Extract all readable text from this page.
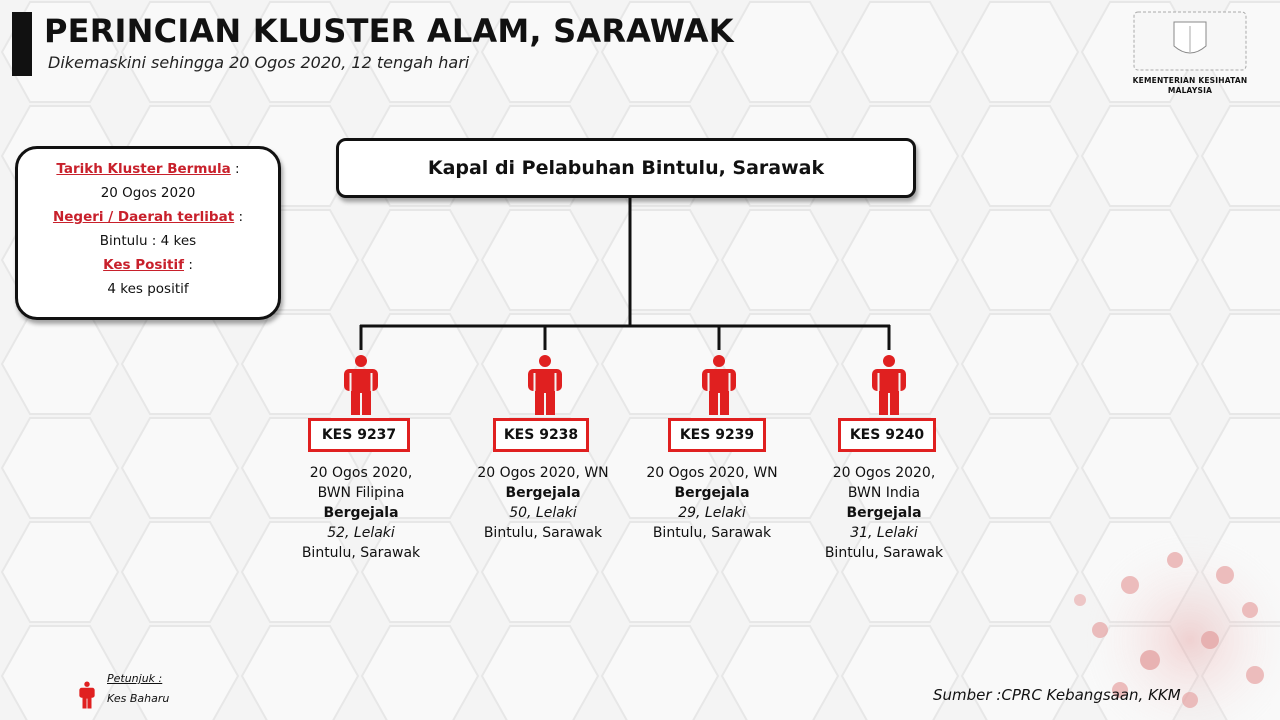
PERINCIAN KLUSTER ALAM, SARAWAK
Dikemaskini sehingga 20 Ogos 2020, 12 tengah hari
KEMENTERIAN KESIHATAN
MALAYSIA
Tarikh Kluster Bermula :
20 Ogos 2020
Negeri / Daerah terlibat :
Bintulu : 4 kes
Kes Positif :
4 kes positif
Kapal di Pelabuhan Bintulu, Sarawak
KES 9237
20 Ogos 2020,
BWN Filipina
Bergejala
52, Lelaki
Bintulu, Sarawak
KES 9238
20 Ogos 2020, WN
Bergejala
50, Lelaki
Bintulu, Sarawak
KES 9239
20 Ogos 2020, WN
Bergejala
29, Lelaki
Bintulu, Sarawak
KES 9240
20 Ogos 2020,
BWN India
Bergejala
31, Lelaki
Bintulu, Sarawak
Petunjuk :
Kes Baharu	Sumber :CPRC Kebangsaan, KKM
